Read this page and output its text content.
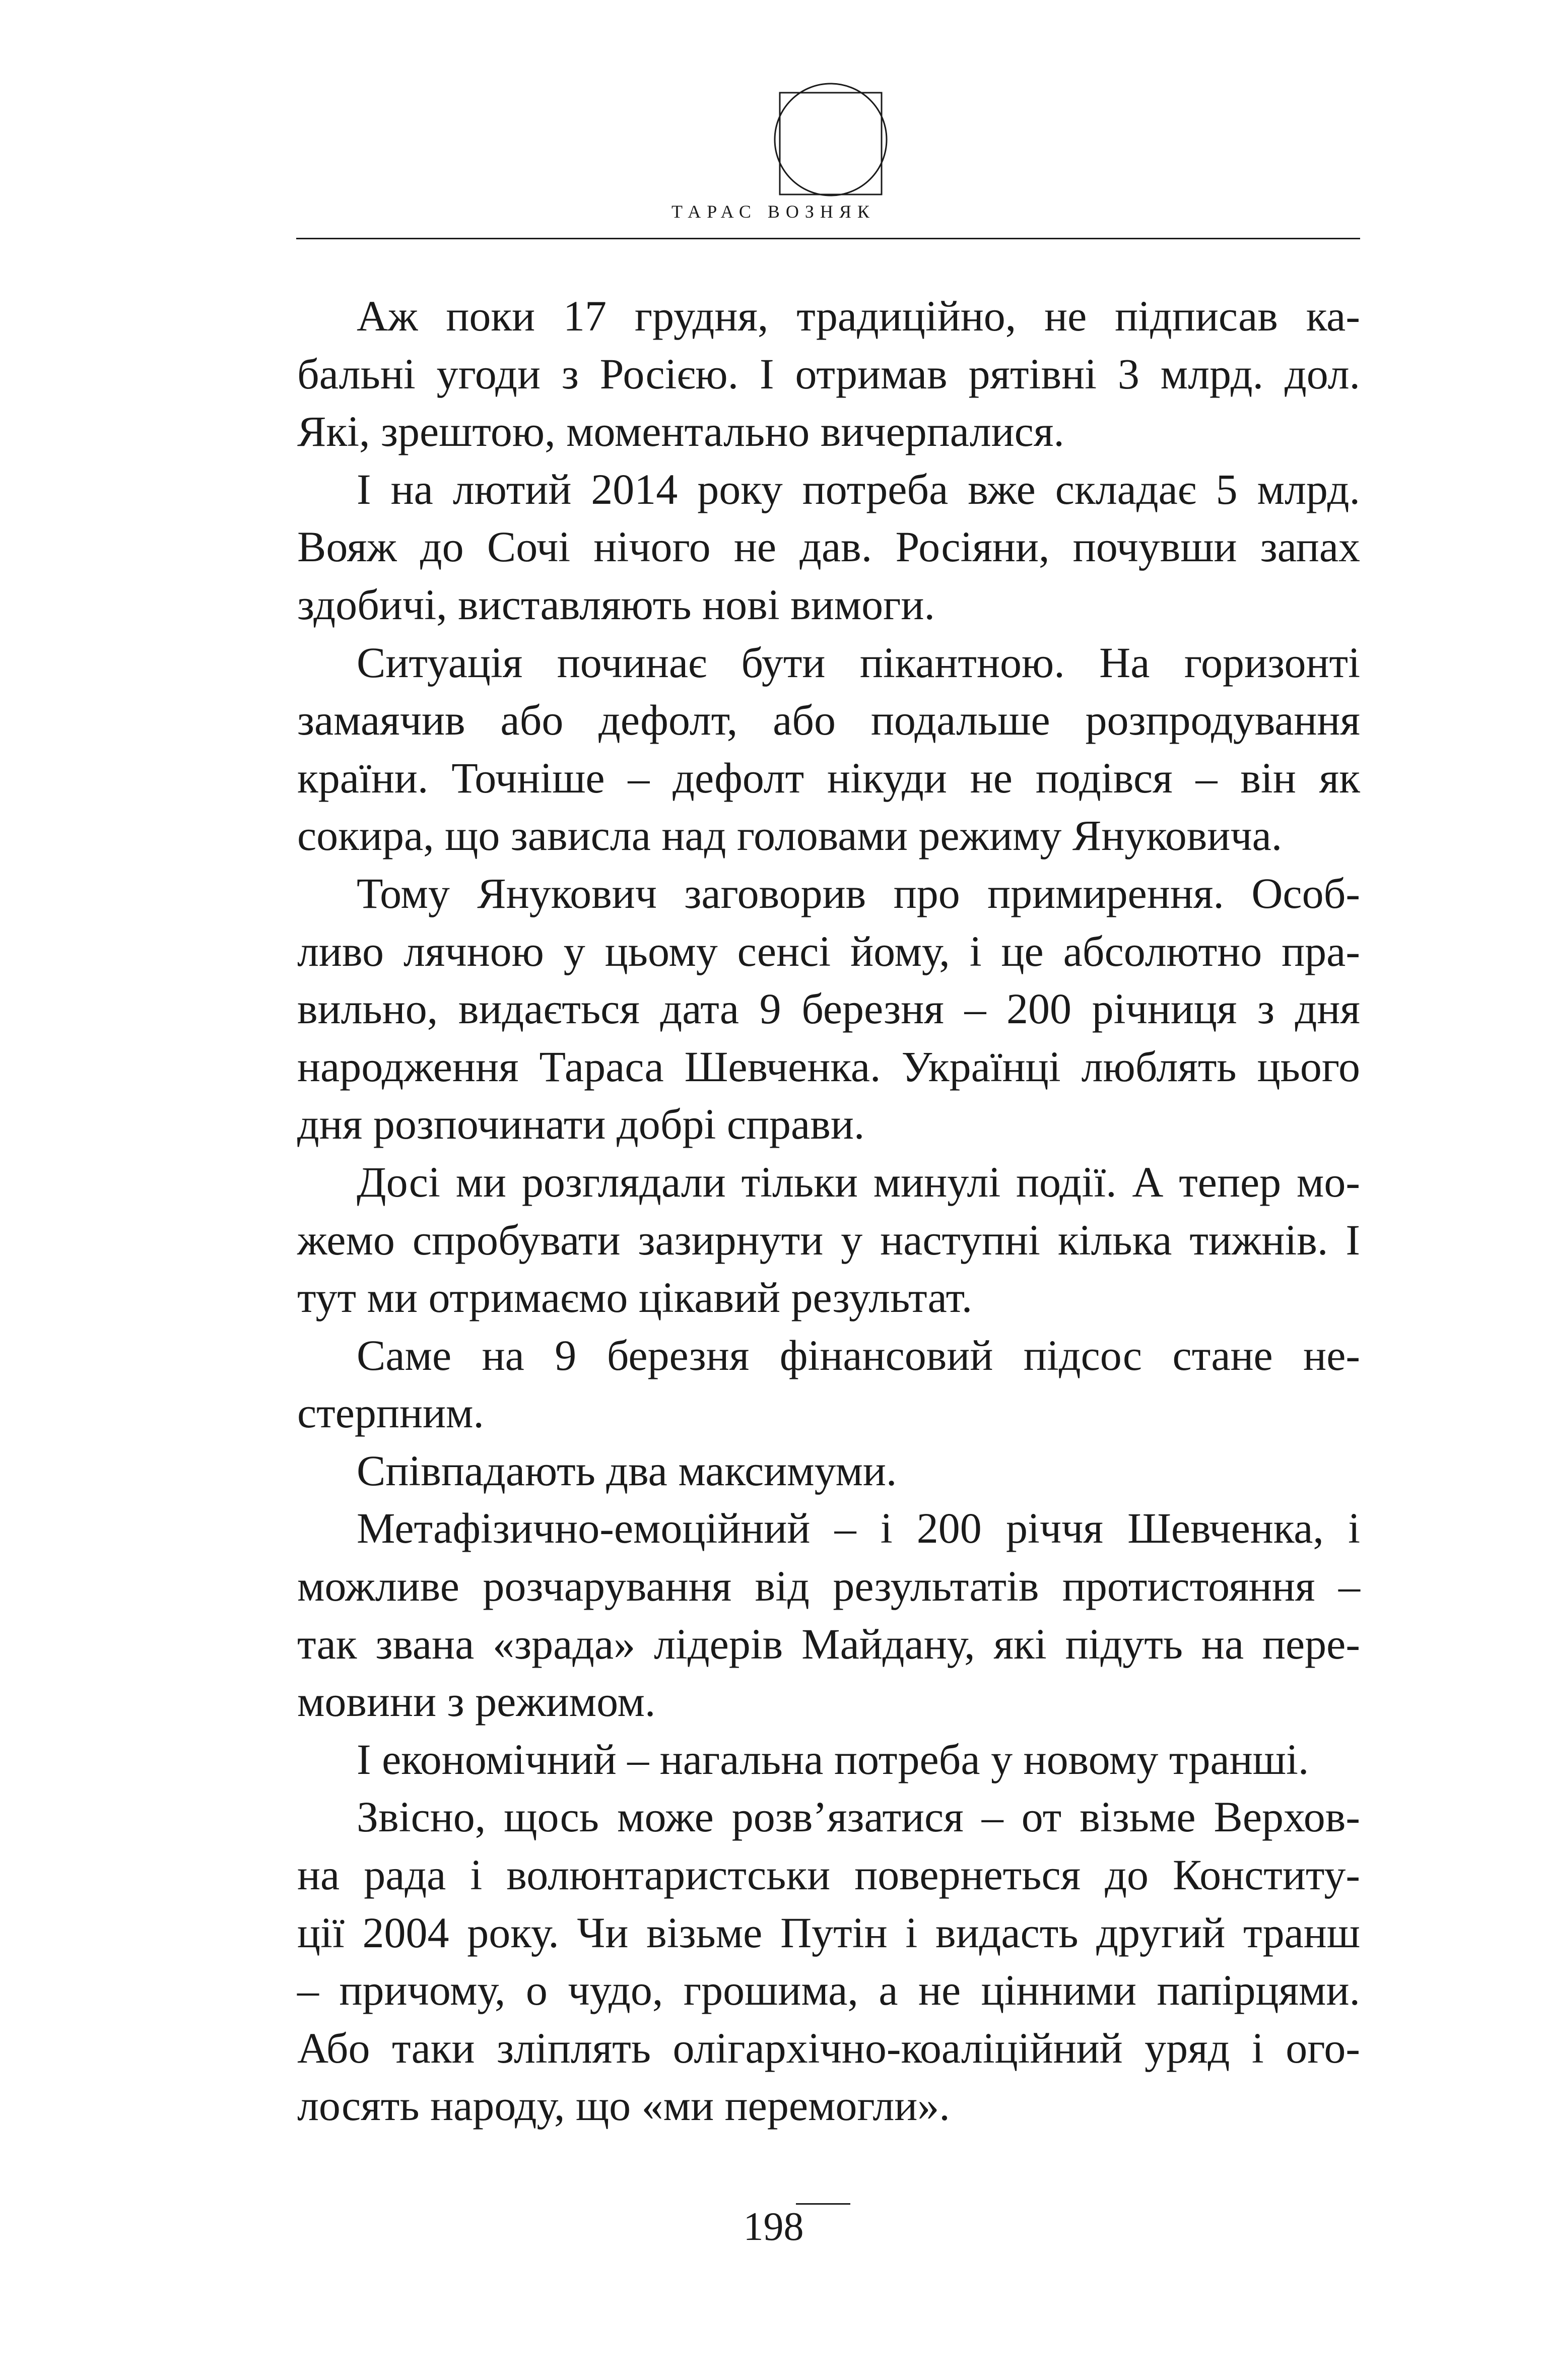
ТАРАС ВОЗНЯК
Аж поки 17 грудня, традиційно, не підписав ка-
бальні угоди з Росією. І отримав рятівні 3 млрд. дол.
Які, зрештою, моментально вичерпалися.
І на лютий 2014 року потреба вже складає 5 млрд.
Вояж до Сочі нічого не дав. Росіяни, почувши запах
здобичі, виставляють нові вимоги.
Ситуація починає бути пікантною. На горизонті
замаячив або дефолт, або подальше розпродування
країни. Точніше – дефолт нікуди не подівся – він як
сокира, що зависла над головами режиму Януковича.
Тому Янукович заговорив про примирення. Особ-
ливо лячною у цьому сенсі йому, і це абсолютно пра-
вильно, видається дата 9 березня – 200 річниця з дня
народження Тараса Шевченка. Українці люблять цього
дня розпочинати добрі справи.
Досі ми розглядали тільки минулі події. А тепер мо-
жемо спробувати зазирнути у наступні кілька тижнів. І
тут ми отримаємо цікавий результат.
Саме на 9 березня фінансовий підсос стане не-
стерпним.
Співпадають два максимуми.
Метафізично-емоційний – і 200 річчя Шевченка, і
можливе розчарування від результатів протистояння –
так звана «зрада» лідерів Майдану, які підуть на пере-
мовини з режимом.
І економічний – нагальна потреба у новому транші.
Звісно, щось може розв’язатися – от візьме Верхов-
на рада і волюнтаристськи повернеться до Конститу-
ції 2004 року. Чи візьме Путін і видасть другий транш
– причому, о чудо, грошима, а не цінними папірцями.
Або таки зліплять олігархічно-коаліційний уряд і ого-
лосять народу, що «ми перемогли».
198
